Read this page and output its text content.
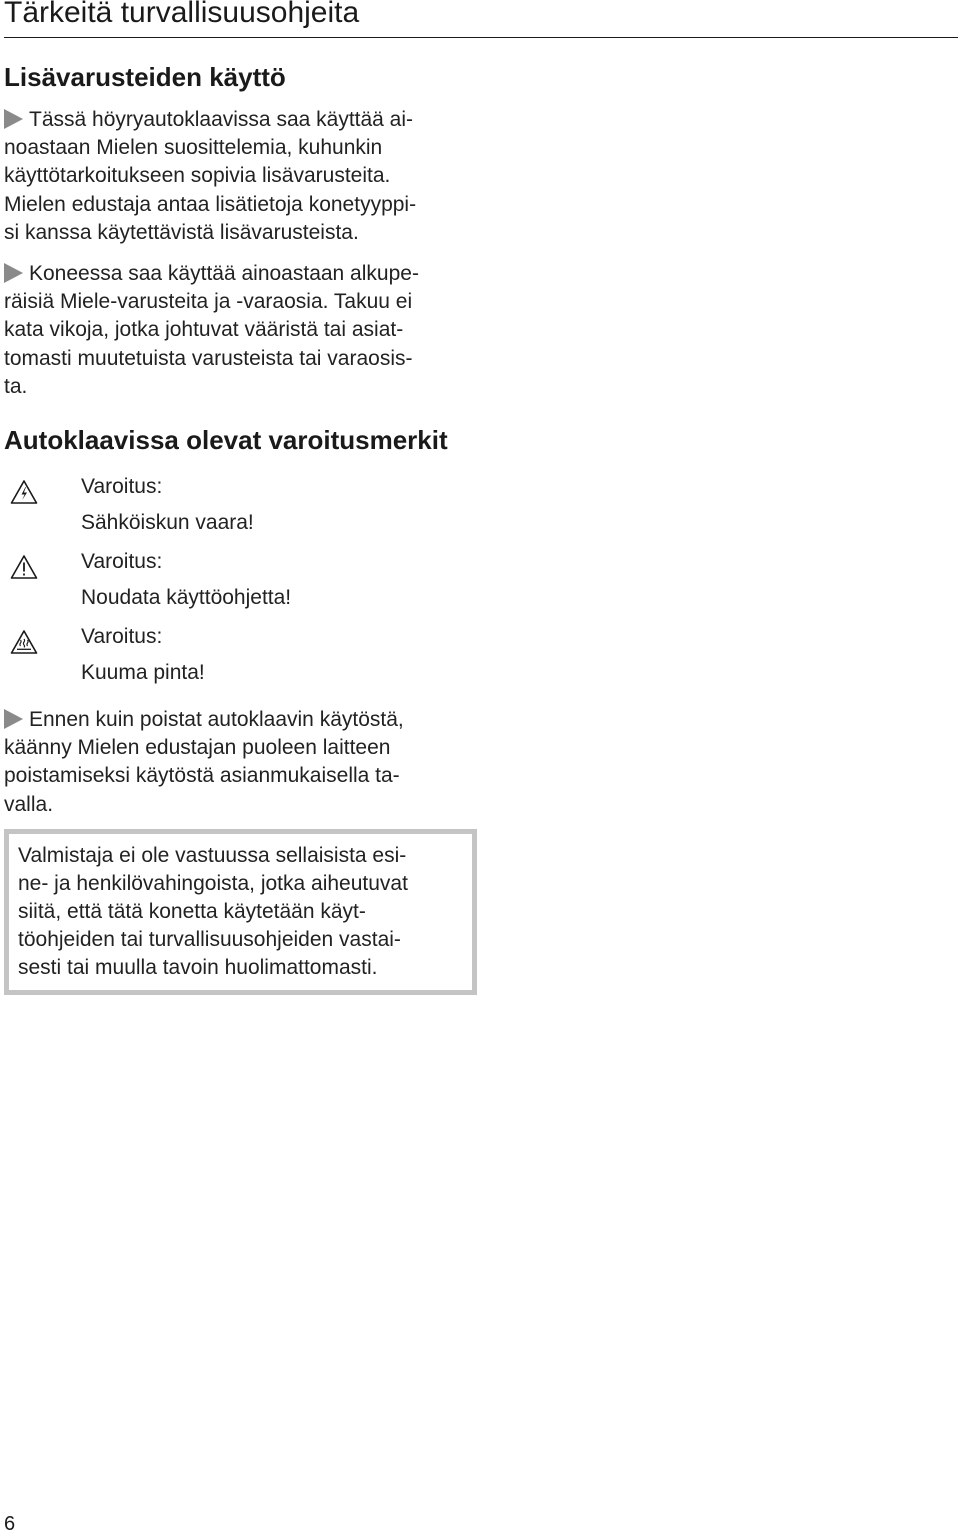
Tärkeitä turvallisuusohjeita
Lisävarusteiden käyttö

Tässä höyryautoklaavissa saa käyttää ai-
noastaan Mielen suosittelemia, kuhunkin
käyttötarkoitukseen sopivia lisävarusteita.
Mielen edustaja antaa lisätietoja konetyyppi-
si kanssa käytettävistä lisävarusteista.

Koneessa saa käyttää ainoastaan alkupe-
räisiä Miele-varusteita ja -varaosia. Takuu ei
kata vikoja, jotka johtuvat vääristä tai asiat-
tomasti muutetuista varusteista tai varaosis-
ta.

Autoklaavissa olevat varoitusmerkit
Varoitus:
Sähköiskun vaara!
Varoitus:
Noudata käyttöohjetta!
Varoitus:
Kuuma pinta!

Ennen kuin poistat autoklaavin käytöstä,
käänny Mielen edustajan puoleen laitteen
poistamiseksi käytöstä asianmukaisella ta-
valla.

Valmistaja ei ole vastuussa sellaisista esi-
ne- ja henkilövahingoista, jotka aiheutuvat
siitä, että tätä konetta käytetään käyt-
töohjeiden tai turvallisuusohjeiden vastai-
sesti tai muulla tavoin huolimattomasti.
6
